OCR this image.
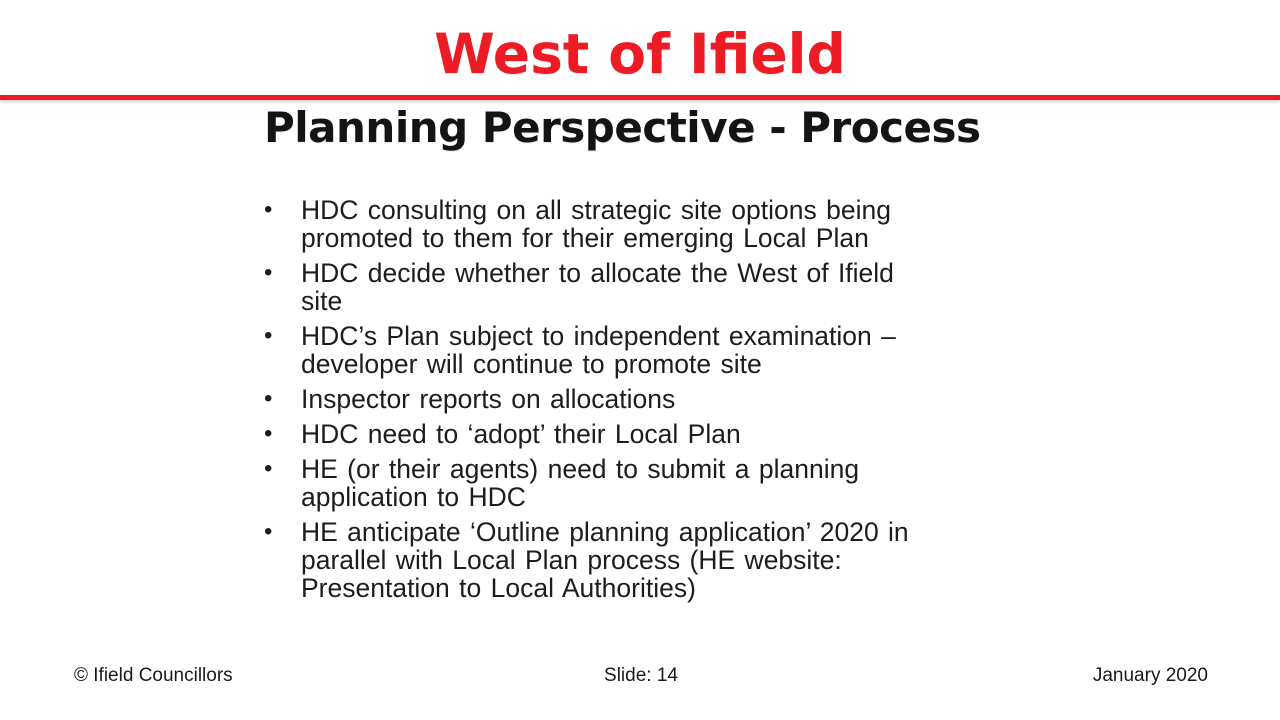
West of Ifield
Planning Perspective - Process
•	HDC consulting on all strategic site options being
promoted to them for their emerging Local Plan
•	HDC decide whether to allocate the West of Ifield
site
•	HDC’s Plan subject to independent examination –
developer will continue to promote site
•	Inspector reports on allocations
•	HDC need to ‘adopt’ their Local Plan
•	HE (or their agents) need to submit a planning
application to HDC
•	HE anticipate ‘Outline planning application’ 2020 in
parallel with Local Plan process (HE website:
Presentation to Local Authorities)
© Ifield Councillors	Slide: 14	January 2020
